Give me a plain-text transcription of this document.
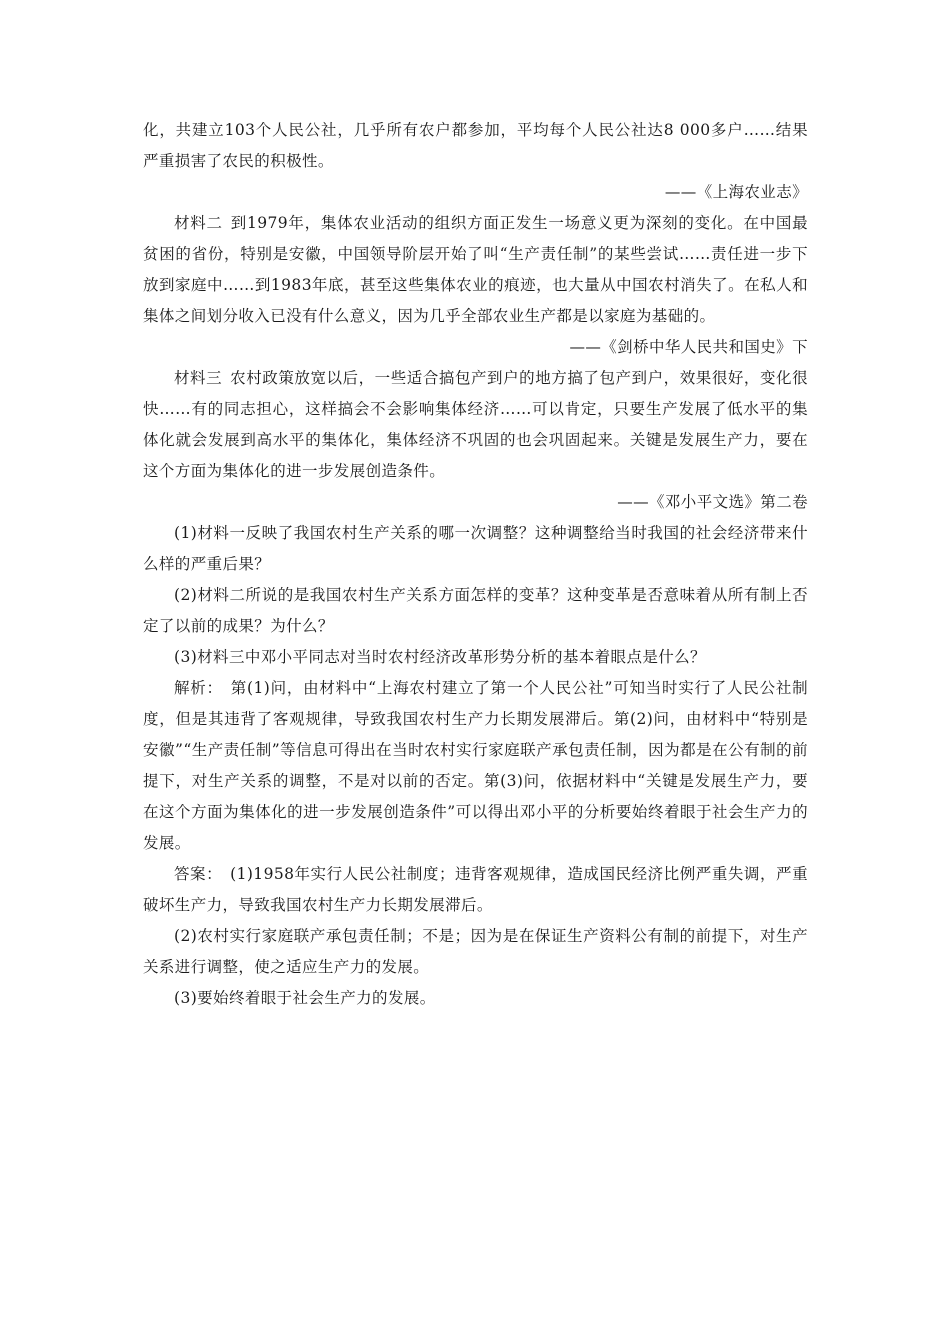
化，共建立103个人民公社，几乎所有农户都参加，平均每个人民公社达8 000多户……结果严重损害了农民的积极性。

——《上海农业志》

材料二 到1979年，集体农业活动的组织方面正发生一场意义更为深刻的变化。在中国最贫困的省份，特别是安徽，中国领导阶层开始了叫“生产责任制”的某些尝试……责任进一步下放到家庭中……到1983年底，甚至这些集体农业的痕迹，也大量从中国农村消失了。在私人和集体之间划分收入已没有什么意义，因为几乎全部农业生产都是以家庭为基础的。

——《剑桥中华人民共和国史》下

材料三 农村政策放宽以后，一些适合搞包产到户的地方搞了包产到户，效果很好，变化很快……有的同志担心，这样搞会不会影响集体经济……可以肯定，只要生产发展了低水平的集体化就会发展到高水平的集体化，集体经济不巩固的也会巩固起来。关键是发展生产力，要在这个方面为集体化的进一步发展创造条件。

——《邓小平文选》第二卷

(1)材料一反映了我国农村生产关系的哪一次调整？这种调整给当时我国的社会经济带来什么样的严重后果？

(2)材料二所说的是我国农村生产关系方面怎样的变革？这种变革是否意味着从所有制上否定了以前的成果？为什么？

(3)材料三中邓小平同志对当时农村经济改革形势分析的基本着眼点是什么？

解析： 第(1)问，由材料中“上海农村建立了第一个人民公社”可知当时实行了人民公社制度，但是其违背了客观规律，导致我国农村生产力长期发展滞后。第(2)问，由材料中“特别是安徽”“生产责任制”等信息可得出在当时农村实行家庭联产承包责任制，因为都是在公有制的前提下，对生产关系的调整，不是对以前的否定。第(3)问，依据材料中“关键是发展生产力，要在这个方面为集体化的进一步发展创造条件”可以得出邓小平的分析要始终着眼于社会生产力的发展。

答案： (1)1958年实行人民公社制度；违背客观规律，造成国民经济比例严重失调，严重破坏生产力，导致我国农村生产力长期发展滞后。

(2)农村实行家庭联产承包责任制；不是；因为是在保证生产资料公有制的前提下，对生产关系进行调整，使之适应生产力的发展。

(3)要始终着眼于社会生产力的发展。
